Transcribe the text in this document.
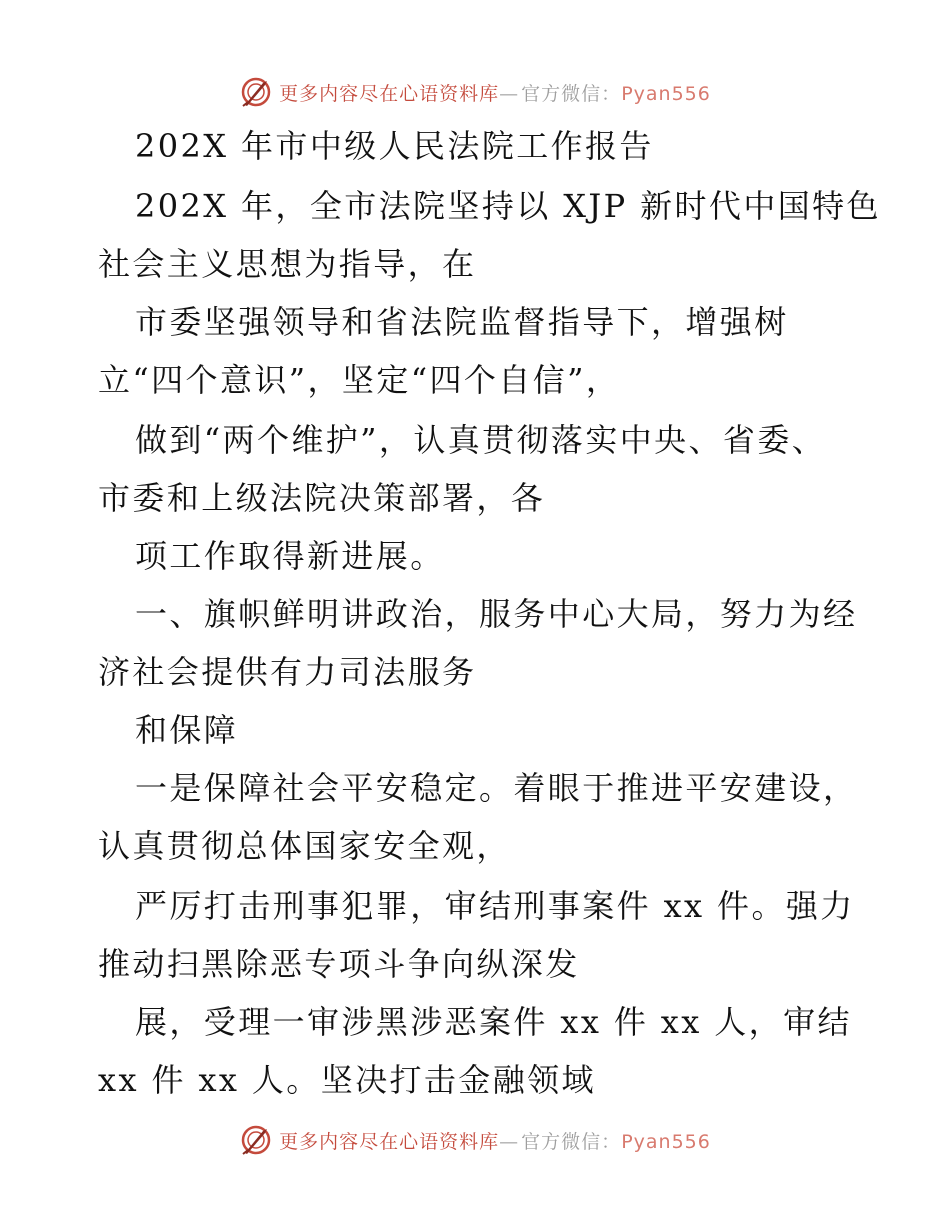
更多内容尽在心语资料库— 官方微信：Pyan556
202X 年市中级人民法院工作报告
202X 年，全市法院坚持以 XJP 新时代中国特色
社会主义思想为指导，在
市委坚强领导和省法院监督指导下，增强树
立“四个意识”，坚定“四个自信”，
做到“两个维护”，认真贯彻落实中央、省委、
市委和上级法院决策部署，各
项工作取得新进展。
一、旗帜鲜明讲政治，服务中心大局，努力为经
济社会提供有力司法服务
和保障
一是保障社会平安稳定。着眼于推进平安建设，
认真贯彻总体国家安全观，
严厉打击刑事犯罪，审结刑事案件 xx 件。强力
推动扫黑除恶专项斗争向纵深发
展，受理一审涉黑涉恶案件 xx 件 xx 人，审结
xx 件 xx 人。坚决打击金融领域
更多内容尽在心语资料库— 官方微信：Pyan556
